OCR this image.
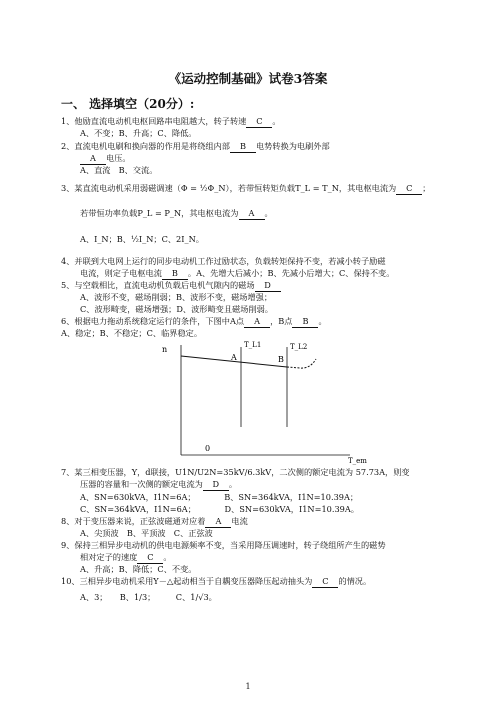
《运动控制基础》试卷3答案
一、 选择填空（20分）:
1、他励直流电动机电枢回路串电阻越大，转子转速 C 。
A、不变；B、升高；C、降低。
2、直流电机电刷和换向器的作用是将绕组内部 B 电势转换为电刷外部
A 电压。
A、直流　B、交流。
3、某直流电动机采用弱磁调速（Φ = ½Φ_N），若带恒转矩负载T_L = T_N，其电枢电流为 C ；
若带恒功率负载P_L = P_N，其电枢电流为 A 。
A、I_N；B、½I_N；C、2I_N。
4、并联到大电网上运行的同步电动机工作过励状态，负载转矩保持不变，若减小转子励磁
电流，则定子电枢电流 B 。A、先增大后减小；B、先减小后增大；C、保持不变。
5、与空载相比，直流电动机负载后电机气隙内的磁场 D
A、波形不变，磁场削弱；B、波形不变，磁场增强；
C、波形畸变，磁场增强；D、波形畸变且磁场削弱。
6、根据电力拖动系统稳定运行的条件，下图中A点 A ，B点 B 。
A、稳定；B、不稳定；C、临界稳定。
n
0
T_em
T_L1	T_L2
A	B
7、某三相变压器，Y，d联接，U1N/U2N=35kV/6.3kV，二次侧的额定电流为 57.73A，则变
压器的容量和一次侧的额定电流为 D 。
A、SN=630kVA，I1N=6A；　　　　B、SN=364kVA，I1N=10.39A；
C、SN=364kVA，I1N=6A；　　　　D、SN=630kVA，I1N=10.39A。
8、对于变压器来说，正弦波磁通对应着 A 电流
A、尖顶波　B、平顶波　C、正弦波
9、保持三相异步电动机的供电电源频率不变，当采用降压调速时，转子绕组所产生的磁势
相对定子的速度 C 。
A、升高；B、降低；C、不变。
10、三相异步电动机采用Y－△起动相当于自耦变压器降压起动抽头为 C 的情况。
A、3；　　B、1/3；　　　C、1/√3。
1
